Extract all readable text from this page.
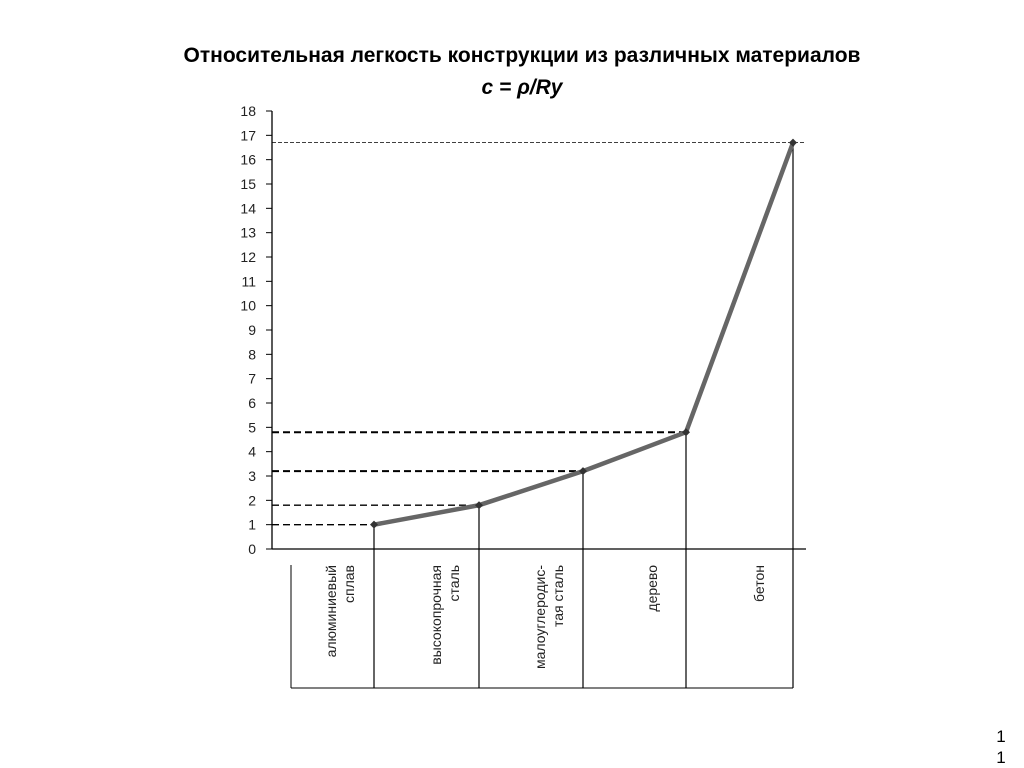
Относительная легкость конструкции из различных материалов
c = ρ/Ry
0
1
2
3
4
5
6
7
8
9
10
11
12
13
14
15
16
17
18
алюминиевый сплав	высокопрочная сталь	малоуглеродис- тая сталь	дерево	бетон
11
